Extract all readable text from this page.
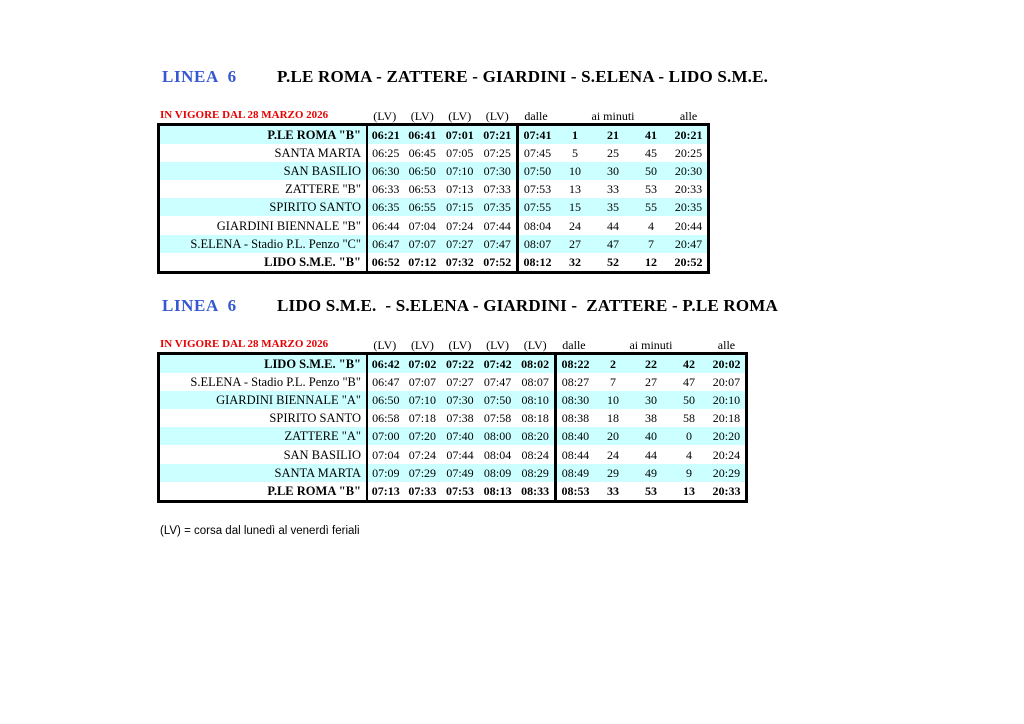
LINEA  6	P.LE ROMA - ZATTERE - GIARDINI - S.ELENA - LIDO S.M.E.
IN VIGORE DAL 28 MARZO 2026	(LV)	(LV)	(LV)	(LV)	dalle	ai minuti	alle
P.LE ROMA "B" 06:21 06:41 07:01 07:21	07:41	1	21	41	20:21
SANTA MARTA 06:25 06:45 07:05 07:25	07:45	5	25	45	20:25
SAN BASILIO 06:30 06:50 07:10 07:30	07:50	10	30	50	20:30
ZATTERE "B" 06:33 06:53 07:13 07:33	07:53	13	33	53	20:33
SPIRITO SANTO 06:35 06:55 07:15 07:35	07:55	15	35	55	20:35
GIARDINI BIENNALE "B" 06:44 07:04 07:24 07:44	08:04	24	44	4	20:44
S.ELENA - Stadio P.L. Penzo "C" 06:47 07:07 07:27 07:47	08:07	27	47	7	20:47
LIDO S.M.E. "B" 06:52 07:12 07:32 07:52	08:12	32	52	12	20:52
LINEA  6	LIDO S.M.E.  - S.ELENA - GIARDINI -  ZATTERE - P.LE ROMA
IN VIGORE DAL 28 MARZO 2026	(LV)	(LV)	(LV)	(LV)	(LV)	dalle	ai minuti	alle
LIDO S.M.E. "B" 06:42 07:02 07:22 07:42 08:02	08:22	2	22	42	20:02
S.ELENA - Stadio P.L. Penzo "B" 06:47 07:07 07:27 07:47 08:07	08:27	7	27	47	20:07
GIARDINI BIENNALE "A" 06:50 07:10 07:30 07:50 08:10	08:30	10	30	50	20:10
SPIRITO SANTO 06:58 07:18 07:38 07:58 08:18	08:38	18	38	58	20:18
ZATTERE "A" 07:00 07:20 07:40 08:00 08:20	08:40	20	40	0	20:20
SAN BASILIO 07:04 07:24 07:44 08:04 08:24	08:44	24	44	4	20:24
SANTA MARTA 07:09 07:29 07:49 08:09 08:29	08:49	29	49	9	20:29
P.LE ROMA "B" 07:13 07:33 07:53 08:13 08:33	08:53	33	53	13	20:33
(LV) = corsa dal lunedì al venerdì feriali
